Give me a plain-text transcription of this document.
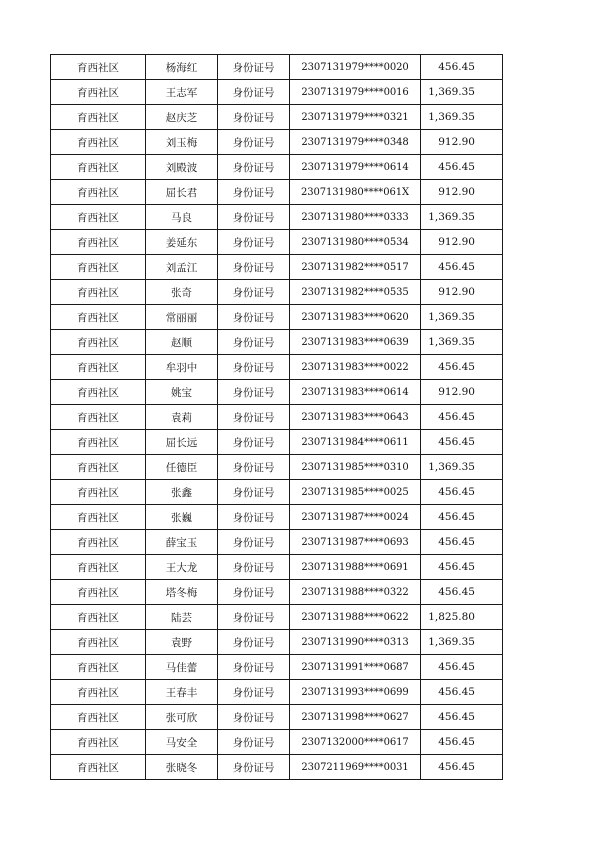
育西社区	杨海红	身份证号	2307131979****0020	456.45
育西社区	王志军	身份证号	2307131979****0016	1,369.35
育西社区	赵庆芝	身份证号	2307131979****0321	1,369.35
育西社区	刘玉梅	身份证号	2307131979****0348	912.90
育西社区	刘殿波	身份证号	2307131979****0614	456.45
育西社区	屈长君	身份证号	2307131980****061X	912.90
育西社区	马良	身份证号	2307131980****0333	1,369.35
育西社区	姜延东	身份证号	2307131980****0534	912.90
育西社区	刘孟江	身份证号	2307131982****0517	456.45
育西社区	张奇	身份证号	2307131982****0535	912.90
育西社区	常丽丽	身份证号	2307131983****0620	1,369.35
育西社区	赵顺	身份证号	2307131983****0639	1,369.35
育西社区	牟羽中	身份证号	2307131983****0022	456.45
育西社区	姚宝	身份证号	2307131983****0614	912.90
育西社区	袁莉	身份证号	2307131983****0643	456.45
育西社区	屈长远	身份证号	2307131984****0611	456.45
育西社区	任德臣	身份证号	2307131985****0310	1,369.35
育西社区	张鑫	身份证号	2307131985****0025	456.45
育西社区	张巍	身份证号	2307131987****0024	456.45
育西社区	薛宝玉	身份证号	2307131987****0693	456.45
育西社区	王大龙	身份证号	2307131988****0691	456.45
育西社区	塔冬梅	身份证号	2307131988****0322	456.45
育西社区	陆芸	身份证号	2307131988****0622	1,825.80
育西社区	袁野	身份证号	2307131990****0313	1,369.35
育西社区	马佳蕾	身份证号	2307131991****0687	456.45
育西社区	王春丰	身份证号	2307131993****0699	456.45
育西社区	张可欣	身份证号	2307131998****0627	456.45
育西社区	马安全	身份证号	2307132000****0617	456.45
育西社区	张晓冬	身份证号	2307211969****0031	456.45
